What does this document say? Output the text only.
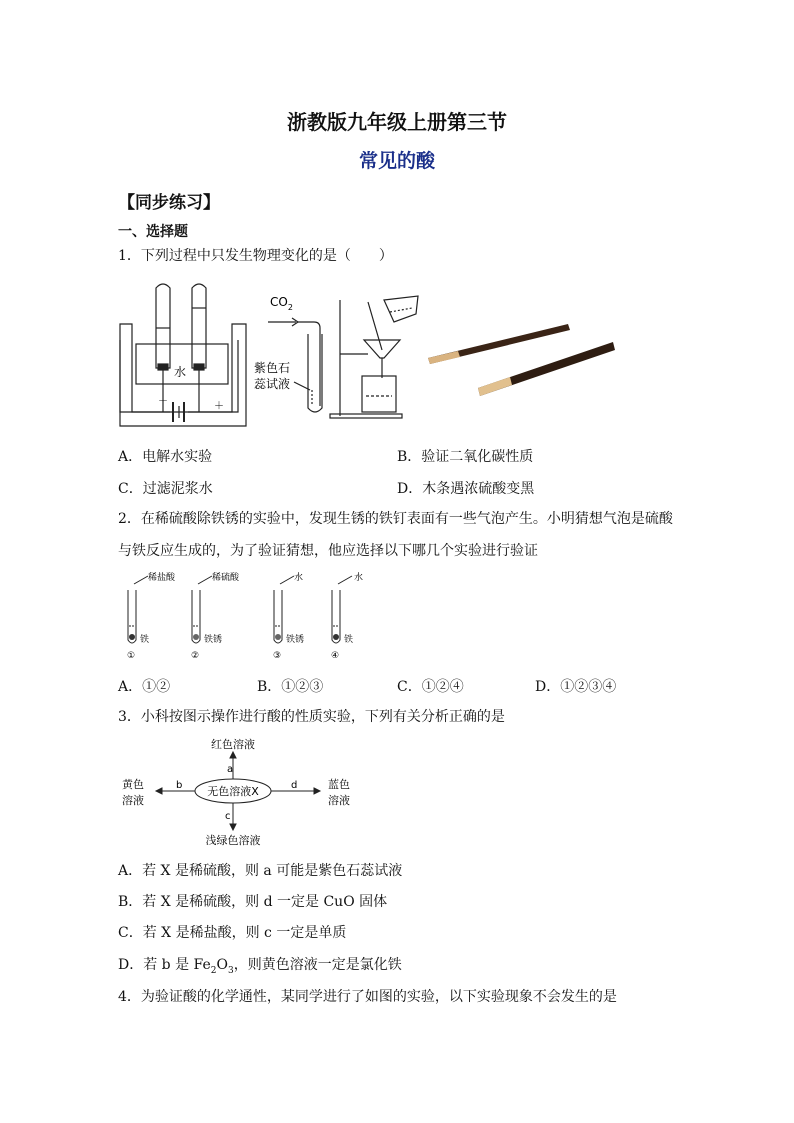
浙教版九年级上册第三节
常见的酸
【同步练习】
一、选择题
1．下列过程中只发生物理变化的是（　　）
－	＋
水
$CO_2$
紫色石
蕊试液
A．电解水实验	B．验证二氧化碳性质
C．过滤泥浆水	D．木条遇浓硫酸变黑
2．在稀硫酸除铁锈的实验中，发现生锈的铁钉表面有一些气泡产生。小明猜想气泡是硫酸
与铁反应生成的，为了验证猜想，他应选择以下哪几个实验进行验证
稀盐酸	稀硫酸	水	水
铁	铁锈	铁锈	铁
①	②	③	④
A．①②	B．①②③	C．①②④	D．①②③④
3．小科按图示操作进行酸的性质实验，下列有关分析正确的是
无色溶液X
红色溶液
a
黄色
溶液
b	蓝色
溶液
d
c
浅绿色溶液
A．若 X 是稀硫酸，则 a 可能是紫色石蕊试液
B．若 X 是稀硫酸，则 d 一定是 CuO 固体
C．若 X 是稀盐酸，则 c 一定是单质
D．若 b 是 $Fe_2O_3$，则黄色溶液一定是氯化铁
4．为验证酸的化学通性，某同学进行了如图的实验，以下实验现象不会发生的是
